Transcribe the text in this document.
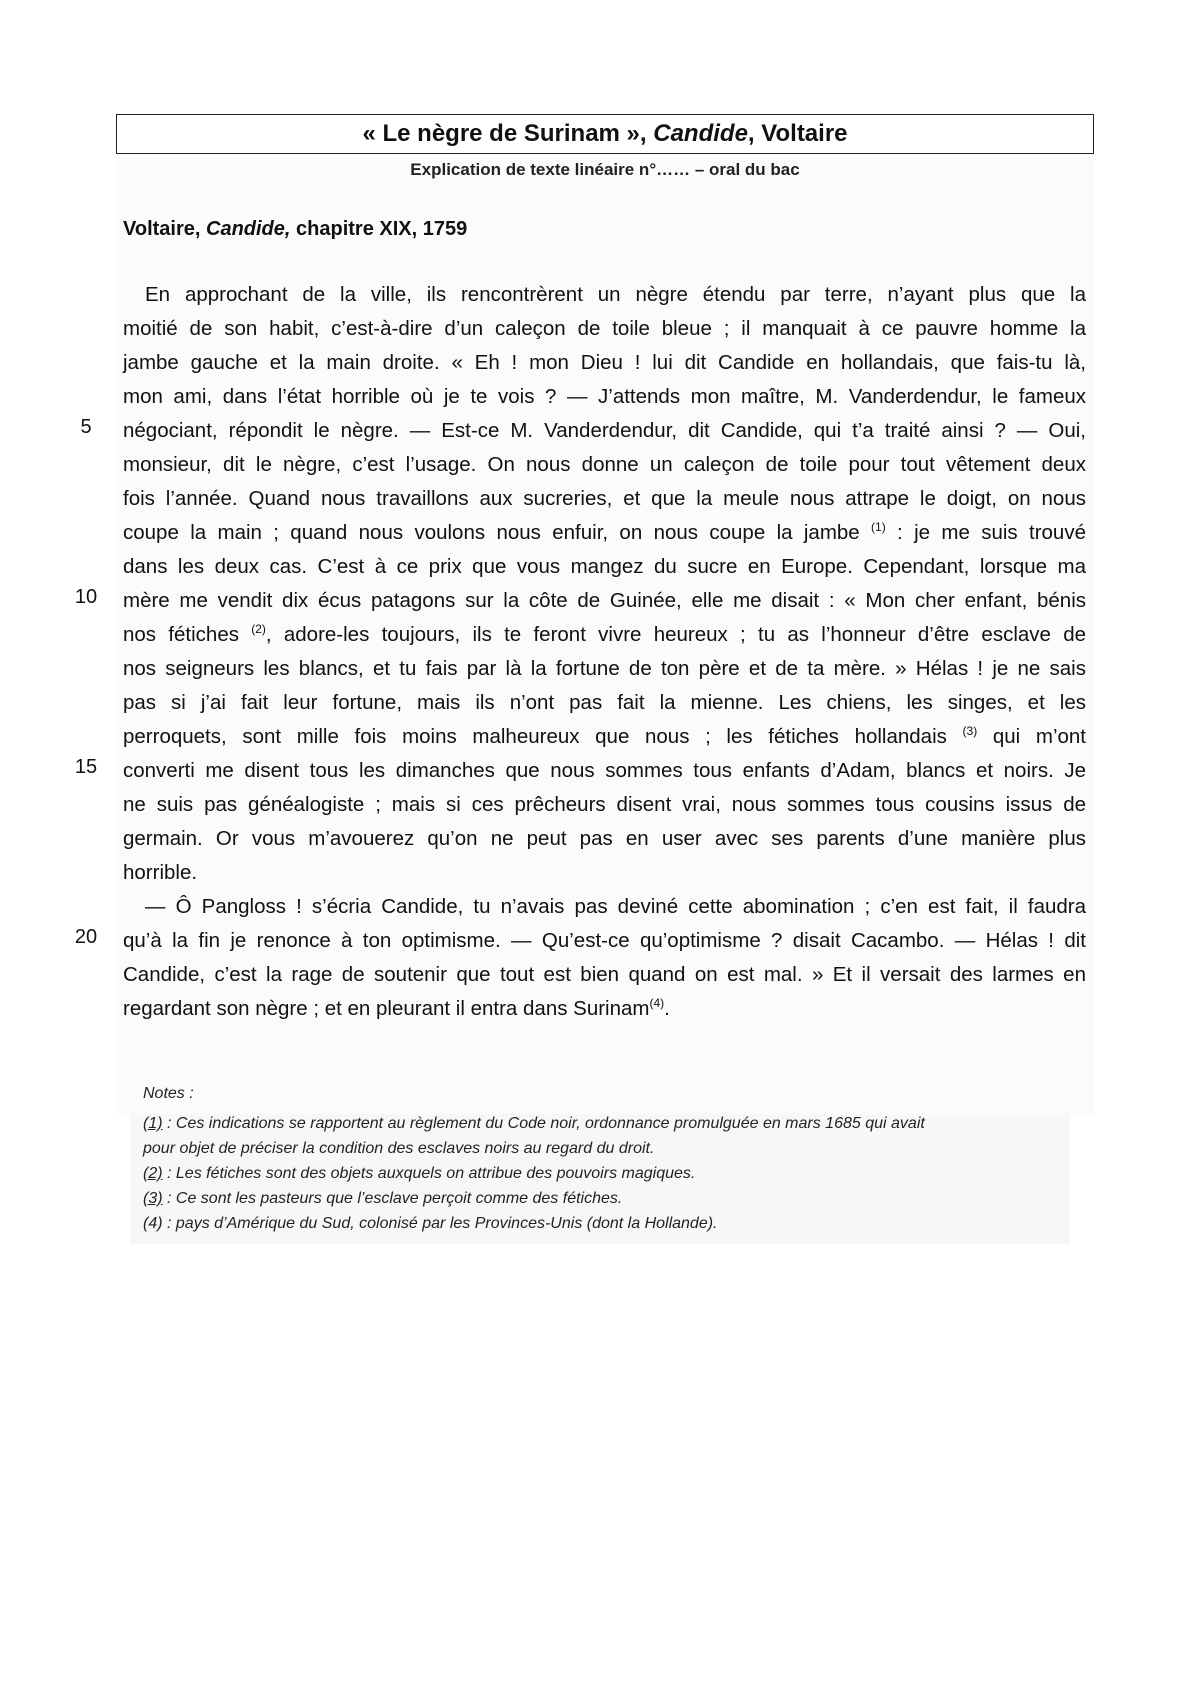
« Le nègre de Surinam », Candide, Voltaire
Explication de texte linéaire n°…… – oral du bac
Voltaire, Candide, chapitre XIX, 1759
En approchant de la ville, ils rencontrèrent un nègre étendu par terre, n’ayant plus que la
moitié de son habit, c’est-à-dire d’un caleçon de toile bleue ; il manquait à ce pauvre homme la
jambe gauche et la main droite. « Eh ! mon Dieu ! lui dit Candide en hollandais, que fais-tu là,
mon ami, dans l’état horrible où je te vois ? — J’attends mon maître, M. Vanderdendur, le fameux
négociant, répondit le nègre. — Est-ce M. Vanderdendur, dit Candide, qui t’a traité ainsi ? — Oui,
monsieur, dit le nègre, c’est l’usage. On nous donne un caleçon de toile pour tout vêtement deux
fois l’année. Quand nous travaillons aux sucreries, et que la meule nous attrape le doigt, on nous
coupe la main ; quand nous voulons nous enfuir, on nous coupe la jambe $^{(1)}$ : je me suis trouvé
dans les deux cas. C’est à ce prix que vous mangez du sucre en Europe. Cependant, lorsque ma
mère me vendit dix écus patagons sur la côte de Guinée, elle me disait : « Mon cher enfant, bénis
nos fétiches $^{(2)}$, adore-les toujours, ils te feront vivre heureux ; tu as l’honneur d’être esclave de
nos seigneurs les blancs, et tu fais par là la fortune de ton père et de ta mère. » Hélas ! je ne sais
pas si j’ai fait leur fortune, mais ils n’ont pas fait la mienne. Les chiens, les singes, et les
perroquets, sont mille fois moins malheureux que nous ; les fétiches hollandais $^{(3)}$ qui m’ont
converti me disent tous les dimanches que nous sommes tous enfants d’Adam, blancs et noirs. Je
ne suis pas généalogiste ; mais si ces prêcheurs disent vrai, nous sommes tous cousins issus de
germain. Or vous m’avouerez qu’on ne peut pas en user avec ses parents d’une manière plus
horrible.
— Ô Pangloss ! s’écria Candide, tu n’avais pas deviné cette abomination ; c’en est fait, il faudra
qu’à la fin je renonce à ton optimisme. — Qu’est-ce qu’optimisme ? disait Cacambo. — Hélas ! dit
Candide, c’est la rage de soutenir que tout est bien quand on est mal. » Et il versait des larmes en
regardant son nègre ; et en pleurant il entra dans Surinam$^{(4)}$.
5
10
15
20
Notes :
(1) : Ces indications se rapportent au règlement du Code noir, ordonnance promulguée en mars 1685 qui avait
pour objet de préciser la condition des esclaves noirs au regard du droit.
(2) : Les fétiches sont des objets auxquels on attribue des pouvoirs magiques.
(3) : Ce sont les pasteurs que l’esclave perçoit comme des fétiches.
(4) : pays d’Amérique du Sud, colonisé par les Provinces-Unis (dont la Hollande).
